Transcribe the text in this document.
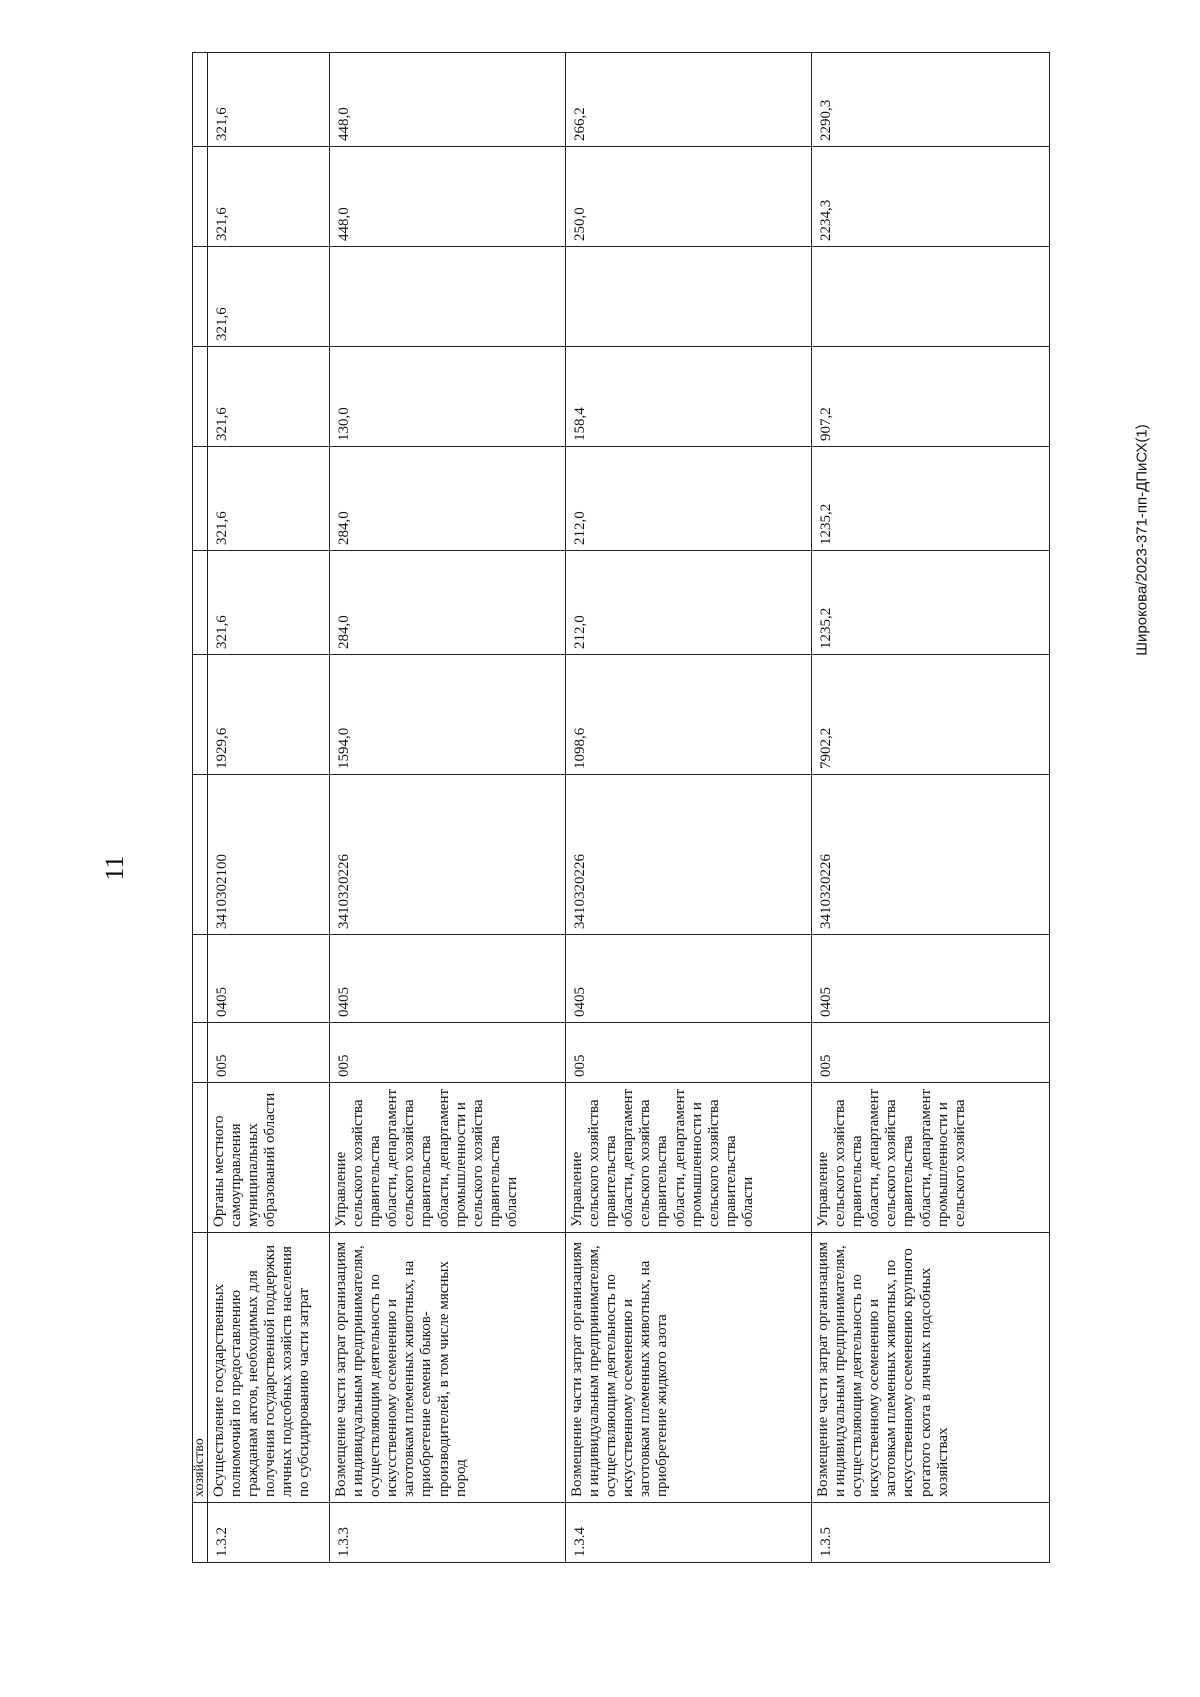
11
Широкова/2023-371-пп-ДПиСХ(1)
	хозяйство											
1.3.2	Осуществление государственных полномочий по предоставлению гражданам актов, необходимых для получения государственной поддержки личных подсобных хозяйств населения по субсидированию части затрат	Органы местного самоуправления муниципальных образований области	005	0405	3410302100	1929,6	321,6	321,6	321,6	321,6	321,6	321,6
1.3.3	Возмещение части затрат организациям и индивидуальным предпринимателям, осуществляющим деятельность по искусственному осеменению и заготовкам племенных животных, на приобретение семени быков-производителей, в том числе мясных пород	Управление сельского хозяйства правительства области, департамент сельского хозяйства правительства области, департамент промышленности и сельского хозяйства правительства области	005	0405	3410320226	1594,0	284,0	284,0	130,0		448,0	448,0
1.3.4	Возмещение части затрат организациям и индивидуальным предпринимателям, осуществляющим деятельность по искусственному осеменению и заготовкам племенных животных, на приобретение жидкого азота	Управление сельского хозяйства правительства области, департамент сельского хозяйства правительства области, департамент промышленности и сельского хозяйства правительства области	005	0405	3410320226	1098,6	212,0	212,0	158,4		250,0	266,2
1.3.5	Возмещение части затрат организациям и индивидуальным предпринимателям, осуществляющим деятельность по искусственному осеменению и заготовкам племенных животных, по искусственному осеменению крупного рогатого скота в личных подсобных хозяйствах	Управление сельского хозяйства правительства области, департамент сельского хозяйства правительства области, департамент промышленности и сельского хозяйства	005	0405	3410320226	7902,2	1235,2	1235,2	907,2		2234,3	2290,3
